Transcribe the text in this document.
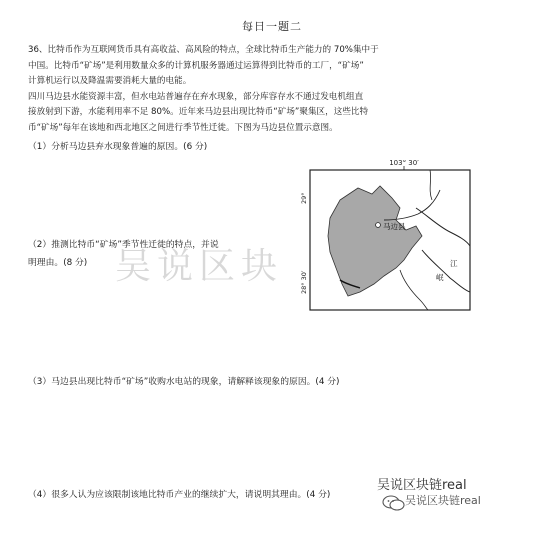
每日一题二
36、比特币作为互联网货币具有高收益、高风险的特点，全球比特币生产能力的 70%集中于
中国。比特币“矿场”是利用数量众多的计算机服务器通过运算得到比特币的工厂，“矿场”
计算机运行以及降温需要消耗大量的电能。
四川马边县水能资源丰富，但水电站普遍存在弃水现象，部分库容存水不通过发电机组直
接放射到下游，水能利用率不足 80%。近年来马边县出现比特币“矿场”聚集区，这些比特
币“矿场”每年在该地和西北地区之间进行季节性迁徙。下图为马边县位置示意图。
（1）分析马边县弃水现象普遍的原因。(6 分)
吴说区块
（2）推测比特币“矿场”季节性迁徙的特点，并说
明理由。(8 分)
103° 30′
29°
28° 30′
马边县
江
岷
（3）马边县出现比特币“矿场”收购水电站的现象，请解释该现象的原因。(4 分)
（4）很多人认为应该限制该地比特币产业的继续扩大，请说明其理由。(4 分)
吴说区块链real
吴说区块链real
